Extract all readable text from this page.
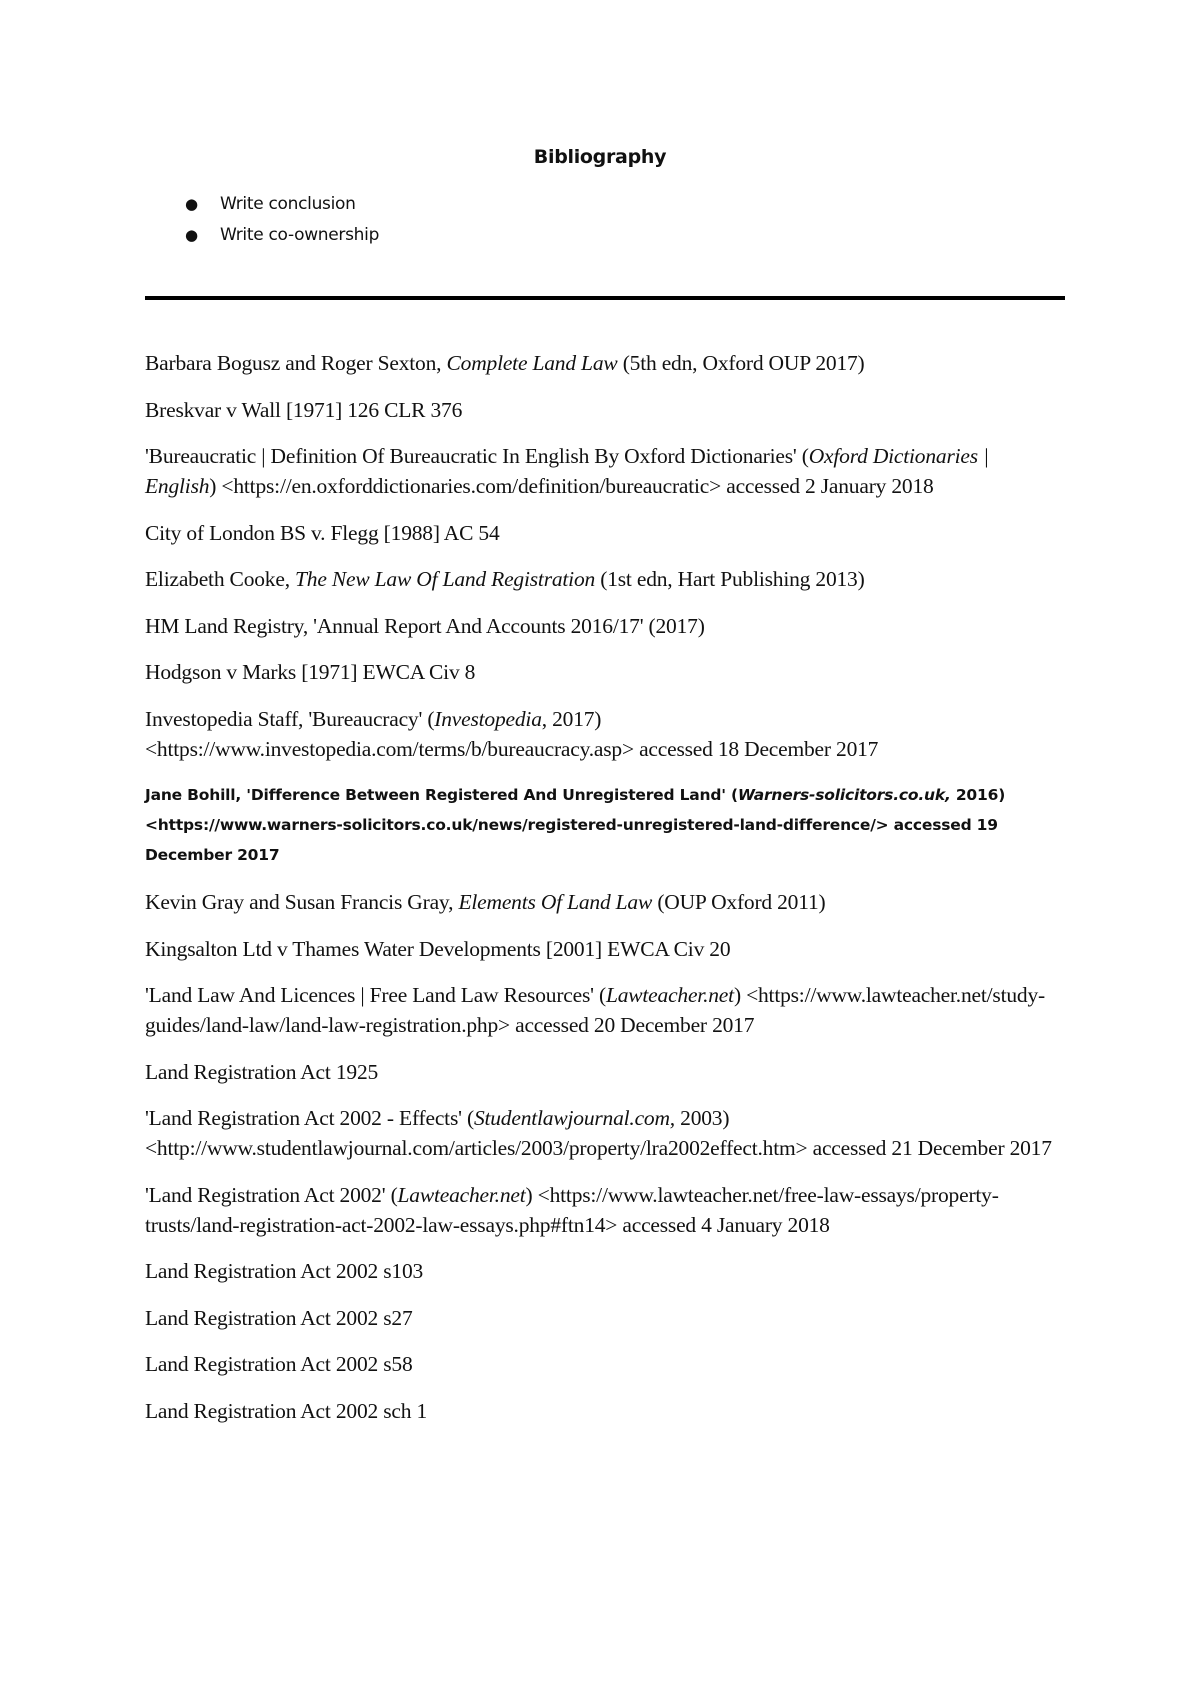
Bibliography
● Write conclusion
● Write co-ownership

Barbara Bogusz and Roger Sexton, Complete Land Law (5th edn, Oxford OUP 2017)

Breskvar v Wall [1971] 126 CLR 376

'Bureaucratic | Definition Of Bureaucratic In English By Oxford Dictionaries' (Oxford Dictionaries | English) <https://en.oxforddictionaries.com/definition/bureaucratic> accessed 2 January 2018

City of London BS v. Flegg [1988] AC 54

Elizabeth Cooke, The New Law Of Land Registration (1st edn, Hart Publishing 2013)

HM Land Registry, 'Annual Report And Accounts 2016/17' (2017)

Hodgson v Marks [1971] EWCA Civ 8

Investopedia Staff, 'Bureaucracy' (Investopedia, 2017) <https://www.investopedia.com/terms/b/bureaucracy.asp> accessed 18 December 2017

Jane Bohill, 'Difference Between Registered And Unregistered Land' (Warners-solicitors.co.uk, 2016) <https://www.warners-solicitors.co.uk/news/registered-unregistered-land-difference/> accessed 19 December 2017

Kevin Gray and Susan Francis Gray, Elements Of Land Law (OUP Oxford 2011)

Kingsalton Ltd v Thames Water Developments [2001] EWCA Civ 20

'Land Law And Licences | Free Land Law Resources' (Lawteacher.net) <https://www.lawteacher.net/study-guides/land-law/land-law-registration.php> accessed 20 December 2017

Land Registration Act 1925

'Land Registration Act 2002 - Effects' (Studentlawjournal.com, 2003) <http://www.studentlawjournal.com/articles/2003/property/lra2002effect.htm> accessed 21 December 2017

'Land Registration Act 2002' (Lawteacher.net) <https://www.lawteacher.net/free-law-essays/property-trusts/land-registration-act-2002-law-essays.php#ftn14> accessed 4 January 2018

Land Registration Act 2002 s103

Land Registration Act 2002 s27

Land Registration Act 2002 s58

Land Registration Act 2002 sch 1
